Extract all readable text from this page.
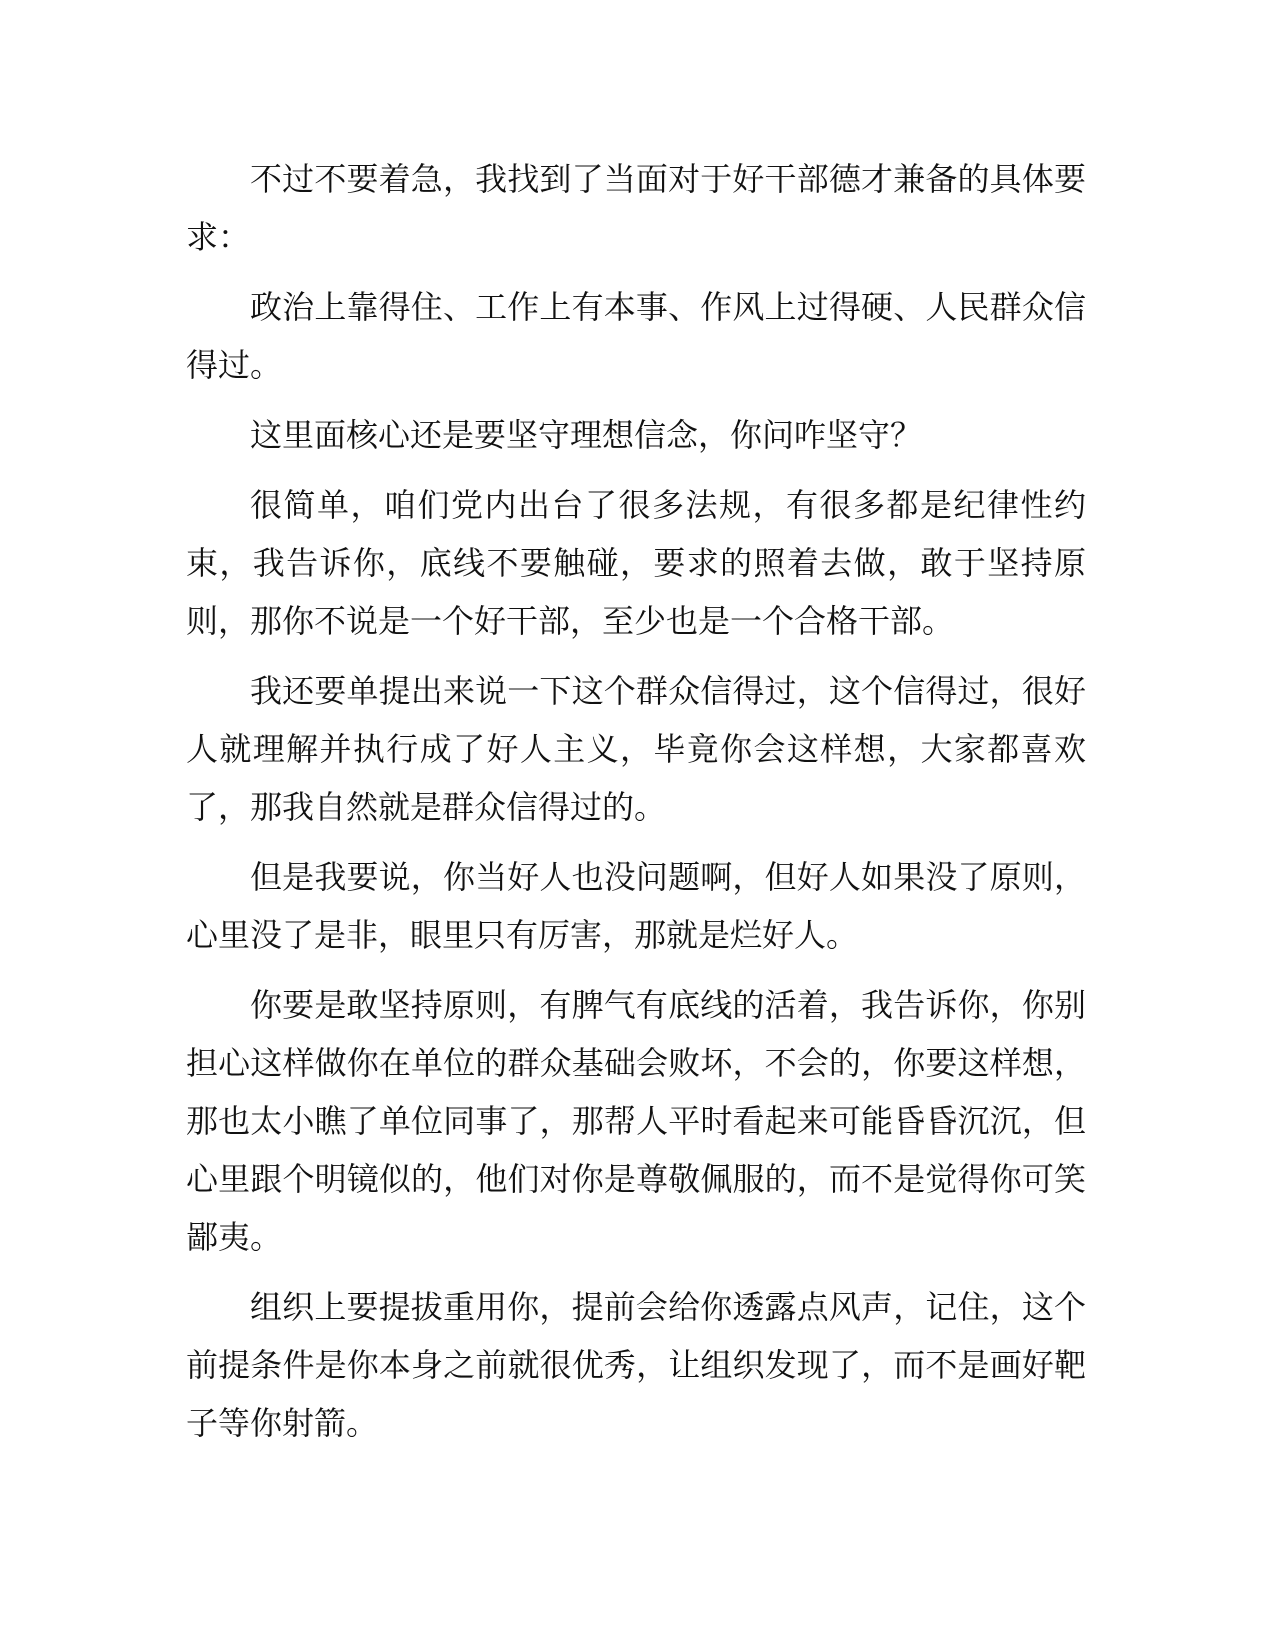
不过不要着急，我找到了当面对于好干部德才兼备的具体要求：

政治上靠得住、工作上有本事、作风上过得硬、人民群众信得过。

这里面核心还是要坚守理想信念，你问咋坚守？

很简单，咱们党内出台了很多法规，有很多都是纪律性约束，我告诉你，底线不要触碰，要求的照着去做，敢于坚持原则，那你不说是一个好干部，至少也是一个合格干部。

我还要单提出来说一下这个群众信得过，这个信得过，很好人就理解并执行成了好人主义，毕竟你会这样想，大家都喜欢了，那我自然就是群众信得过的。

但是我要说，你当好人也没问题啊，但好人如果没了原则，心里没了是非，眼里只有厉害，那就是烂好人。

你要是敢坚持原则，有脾气有底线的活着，我告诉你，你别担心这样做你在单位的群众基础会败坏，不会的，你要这样想，那也太小瞧了单位同事了，那帮人平时看起来可能昏昏沉沉，但心里跟个明镜似的，他们对你是尊敬佩服的，而不是觉得你可笑鄙夷。

组织上要提拔重用你，提前会给你透露点风声，记住，这个前提条件是你本身之前就很优秀，让组织发现了，而不是画好靶子等你射箭。
